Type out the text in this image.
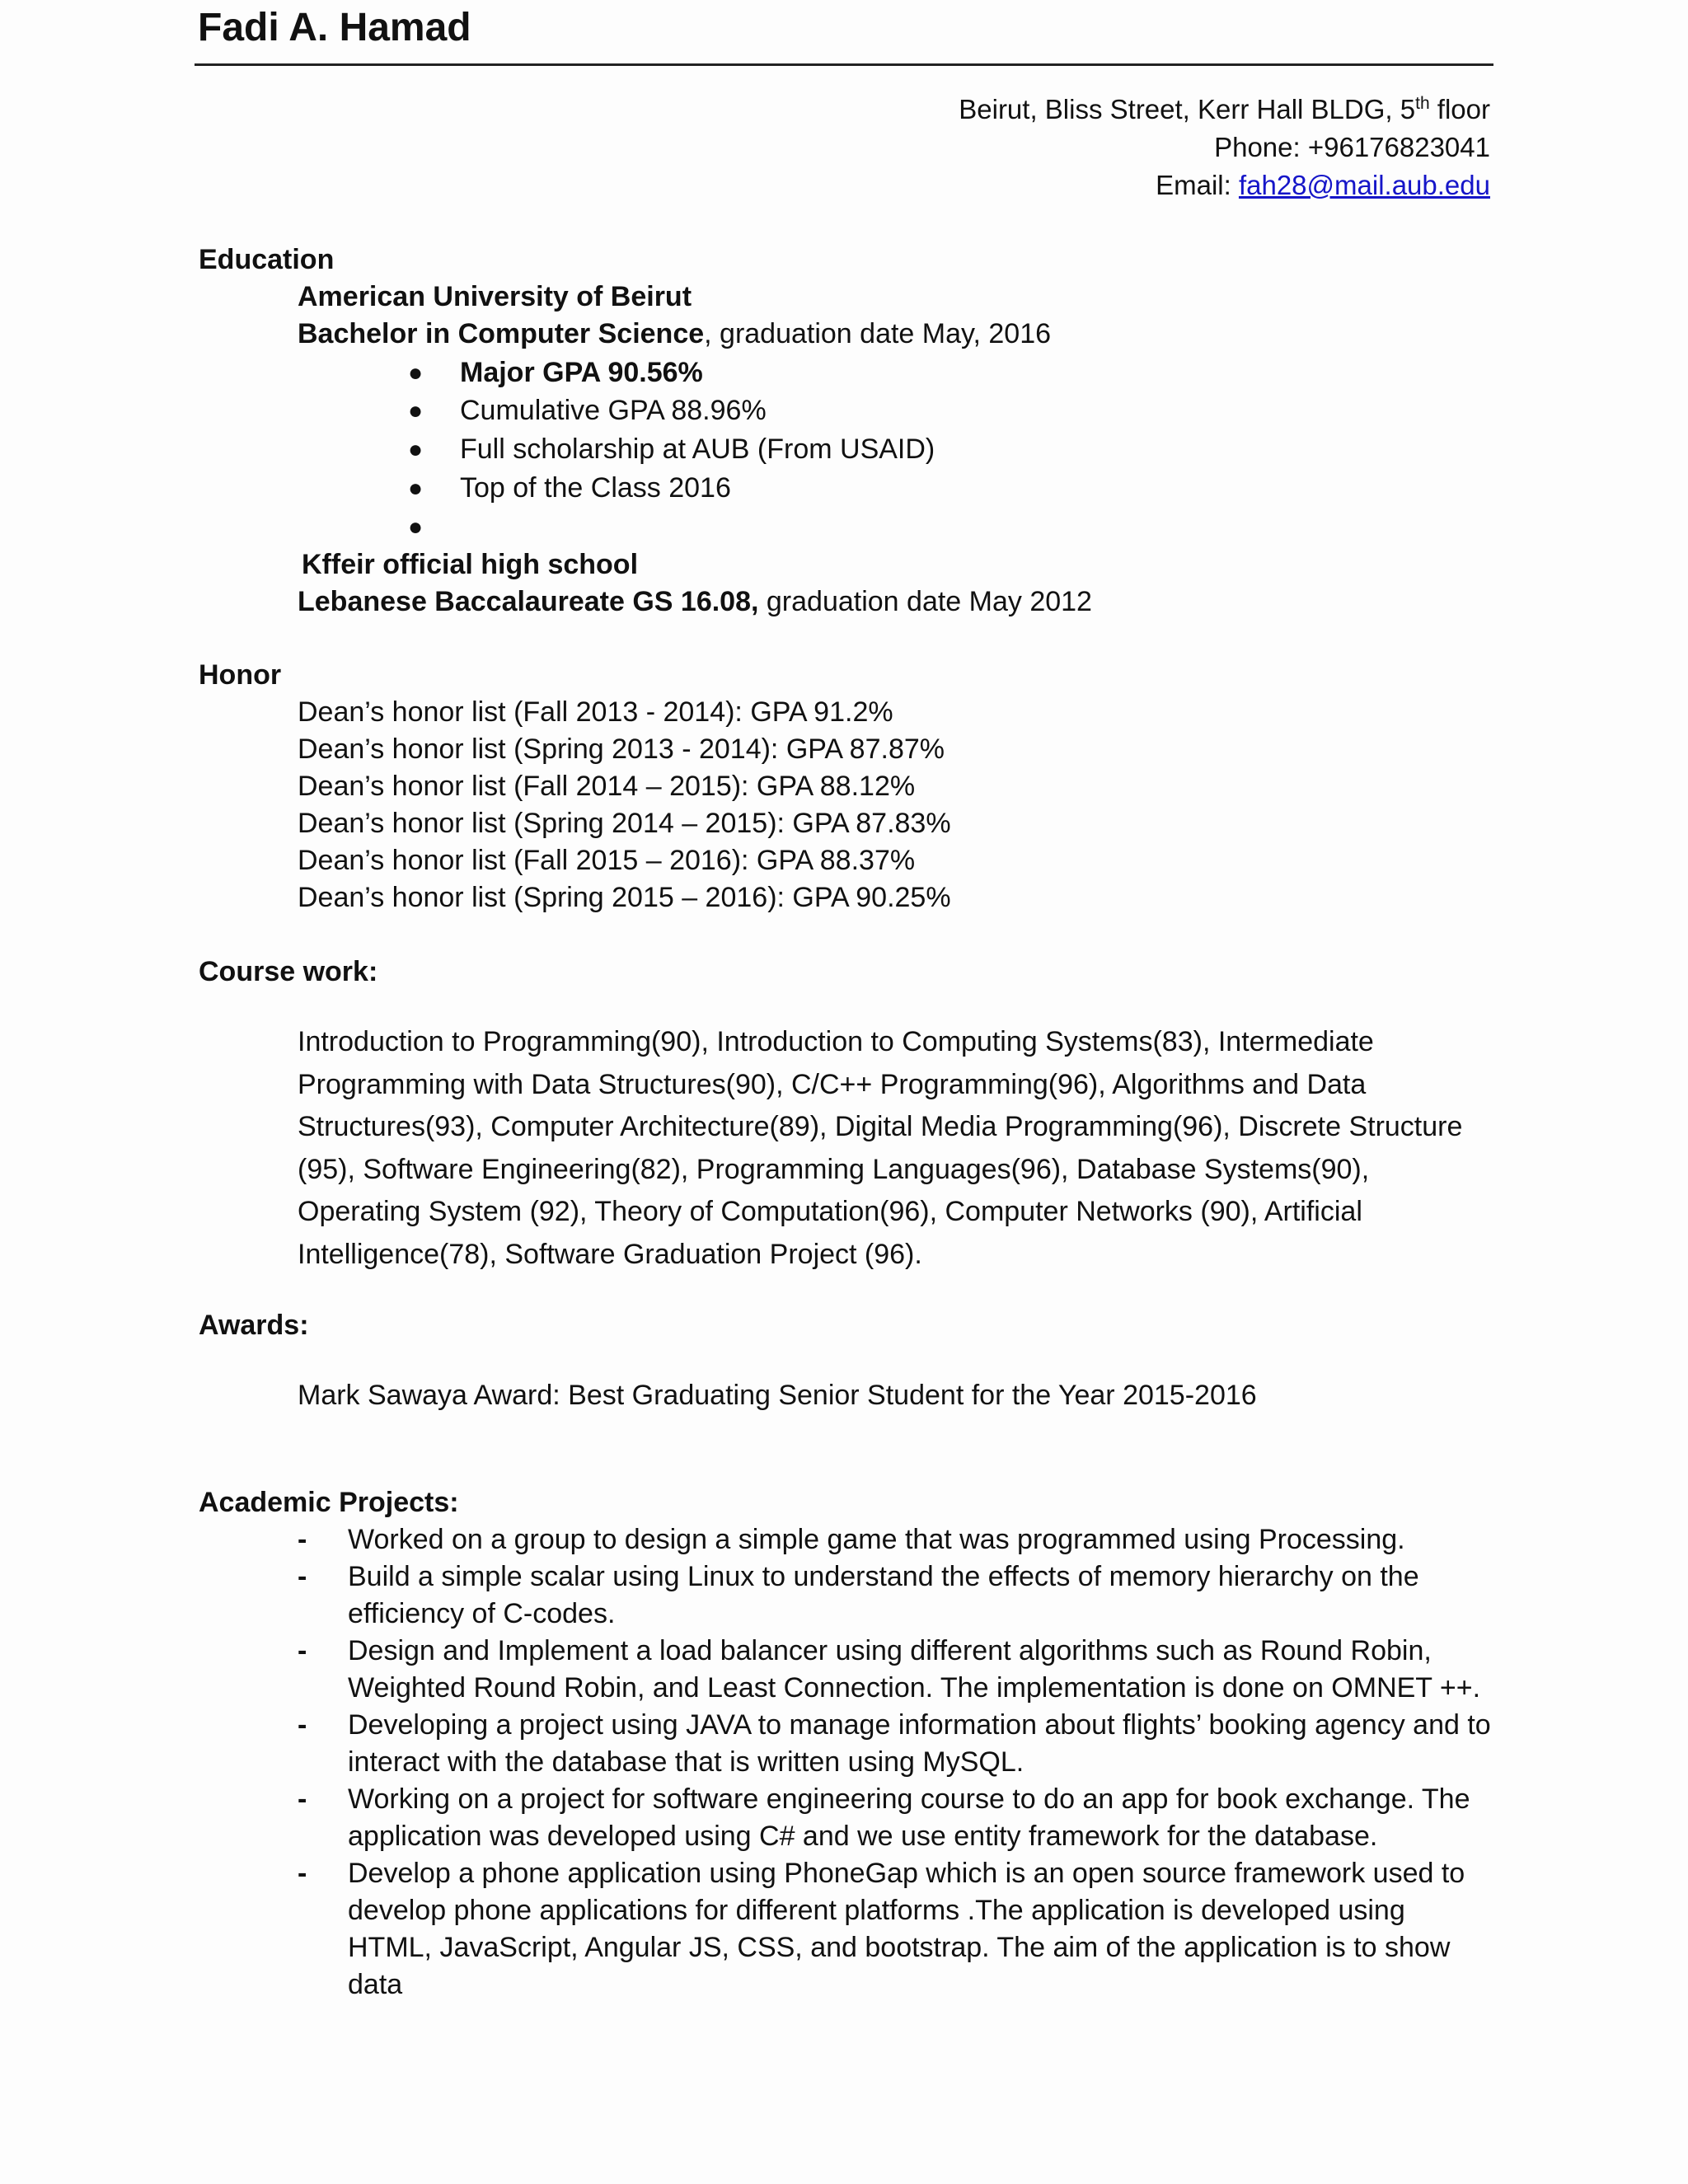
Fadi A. Hamad
Beirut, Bliss Street, Kerr Hall BLDG, 5th floor
Phone: +96176823041
Email: fah28@mail.aub.edu
Education
American University of Beirut
Bachelor in Computer Science, graduation date May, 2016
● Major GPA 90.56%
● Cumulative GPA 88.96%
● Full scholarship at AUB (From USAID)
● Top of the Class 2016
●
Kffeir official high school
Lebanese Baccalaureate GS 16.08, graduation date May 2012
Honor
Dean’s honor list (Fall 2013 - 2014): GPA 91.2%
Dean’s honor list (Spring 2013 - 2014): GPA 87.87%
Dean’s honor list (Fall 2014 – 2015): GPA 88.12%
Dean’s honor list (Spring 2014 – 2015): GPA 87.83%
Dean’s honor list (Fall 2015 – 2016): GPA 88.37%
Dean’s honor list (Spring 2015 – 2016): GPA 90.25%
Course work:
Introduction to Programming(90), Introduction to Computing Systems(83), Intermediate Programming with Data Structures(90), C/C++ Programming(96), Algorithms and Data Structures(93), Computer Architecture(89), Digital Media Programming(96), Discrete Structure (95), Software Engineering(82), Programming Languages(96), Database Systems(90), Operating System (92), Theory of Computation(96), Computer Networks (90), Artificial Intelligence(78), Software Graduation Project (96).
Awards:
Mark Sawaya Award: Best Graduating Senior Student for the Year 2015-2016
Academic Projects:
- Worked on a group to design a simple game that was programmed using Processing.
- Build a simple scalar using Linux to understand the effects of memory hierarchy on the efficiency of C-codes.
- Design and Implement a load balancer using different algorithms such as Round Robin, Weighted Round Robin, and Least Connection. The implementation is done on OMNET ++.
- Developing a project using JAVA to manage information about flights’ booking agency and to interact with the database that is written using MySQL.
- Working on a project for software engineering course to do an app for book exchange. The application was developed using C# and we use entity framework for the database.
- Develop a phone application using PhoneGap which is an open source framework used to develop phone applications for different platforms .The application is developed using HTML, JavaScript, Angular JS, CSS, and bootstrap. The aim of the application is to show data
